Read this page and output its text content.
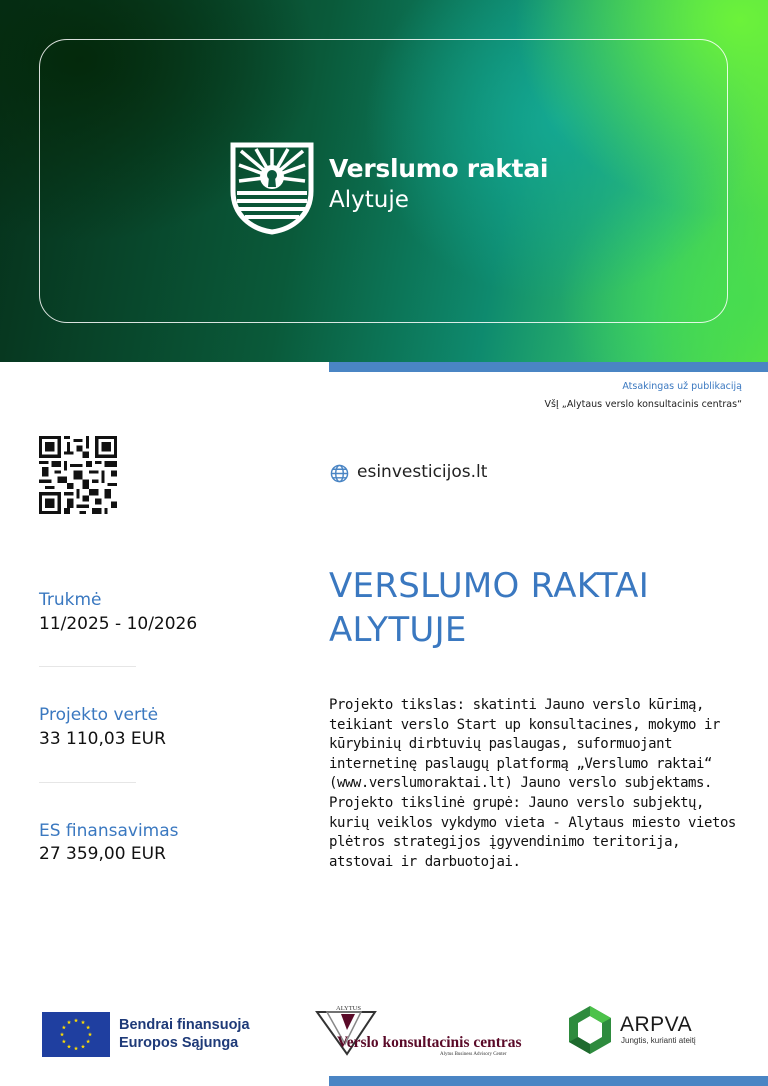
Verslumo raktai
Alytuje
Atsakingas už publikaciją
VšĮ „Alytaus verslo konsultacinis centras“
esinvesticijos.lt
VERSLUMO RAKTAI
ALYTUJE
Trukmė
11/2025 - 10/2026
Projekto vertė
33 110,03 EUR
ES finansavimas
27 359,00 EUR
Projekto tikslas: skatinti Jauno verslo kūrimą, teikiant verslo Start up konsultacines, mokymo ir kūrybinių dirbtuvių paslaugas, suformuojant internetinę paslaugų platformą „Verslumo raktai“ (www.verslumoraktai.lt) Jauno verslo subjektams. Projekto tikslinė grupė: Jauno verslo subjektų, kurių veiklos vykdymo vieta - Alytaus miesto vietos plėtros strategijos įgyvendinimo teritorija, atstovai ir darbuotojai.
Bendrai finansuoja
Europos Sąjunga
ALYTUS
Verslo konsultacinis centras
Alytus Business Advisory Center
ARPVA
Jungtis, kurianti ateitį
